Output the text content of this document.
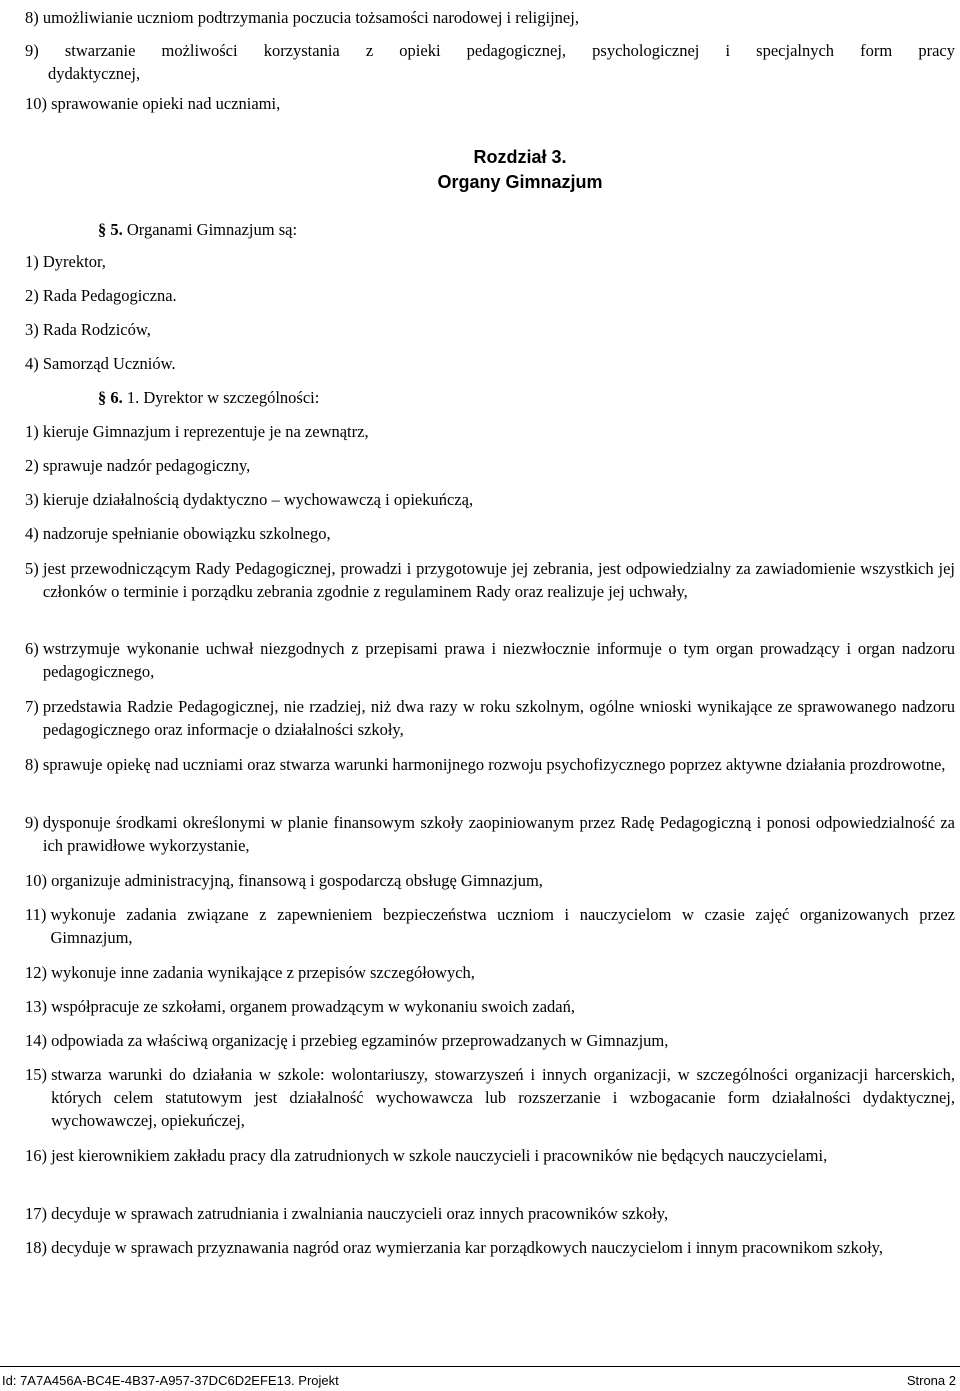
8) umożliwianie uczniom podtrzymania poczucia tożsamości narodowej i religijnej,
9) stwarzanie możliwości korzystania z opieki pedagogicznej, psychologicznej i specjalnych form pracy
dydaktycznej,
10) sprawowanie opieki nad uczniami,
Rozdział 3.
Organy Gimnazjum
§ 5. Organami Gimnazjum są:
1) Dyrektor,
2) Rada Pedagogiczna.
3) Rada Rodziców,
4) Samorząd Uczniów.
§ 6. 1. Dyrektor w szczególności:
1) kieruje Gimnazjum i reprezentuje je na zewnątrz,
2) sprawuje nadzór pedagogiczny,
3) kieruje działalnością dydaktyczno – wychowawczą i opiekuńczą,
4) nadzoruje spełnianie obowiązku szkolnego,
5) jest przewodniczącym Rady Pedagogicznej, prowadzi i przygotowuje jej zebrania, jest odpowiedzialny za zawiadomienie wszystkich jej członków o terminie i porządku zebrania zgodnie z regulaminem Rady oraz realizuje jej uchwały,
6) wstrzymuje wykonanie uchwał niezgodnych z przepisami prawa i niezwłocznie informuje o tym organ prowadzący i organ nadzoru pedagogicznego,
7) przedstawia Radzie Pedagogicznej, nie rzadziej, niż dwa razy w roku szkolnym, ogólne wnioski wynikające ze sprawowanego nadzoru pedagogicznego oraz informacje o działalności szkoły,
8) sprawuje opiekę nad uczniami oraz stwarza warunki harmonijnego rozwoju psychofizycznego poprzez aktywne działania prozdrowotne,
9) dysponuje środkami określonymi w planie finansowym szkoły zaopiniowanym przez Radę Pedagogiczną i ponosi odpowiedzialność za ich prawidłowe wykorzystanie,
10) organizuje administracyjną, finansową i gospodarczą obsługę Gimnazjum,
11) wykonuje zadania związane z zapewnieniem bezpieczeństwa uczniom i nauczycielom w czasie zajęć organizowanych przez Gimnazjum,
12) wykonuje inne zadania wynikające z przepisów szczegółowych,
13) współpracuje ze szkołami, organem prowadzącym w wykonaniu swoich zadań,
14) odpowiada za właściwą organizację i przebieg egzaminów przeprowadzanych w Gimnazjum,
15) stwarza warunki do działania w szkole: wolontariuszy, stowarzyszeń i innych organizacji, w szczególności organizacji harcerskich, których celem statutowym jest działalność wychowawcza lub rozszerzanie i wzbogacanie form działalności dydaktycznej, wychowawczej, opiekuńczej,
16) jest kierownikiem zakładu pracy dla zatrudnionych w szkole nauczycieli i pracowników nie będących nauczycielami,
17) decyduje w sprawach zatrudniania i zwalniania nauczycieli oraz innych pracowników szkoły,
18) decyduje w sprawach przyznawania nagród oraz wymierzania kar porządkowych nauczycielom i innym pracownikom szkoły,
Id: 7A7A456A-BC4E-4B37-A957-37DC6D2EFE13. Projekt	Strona 2
